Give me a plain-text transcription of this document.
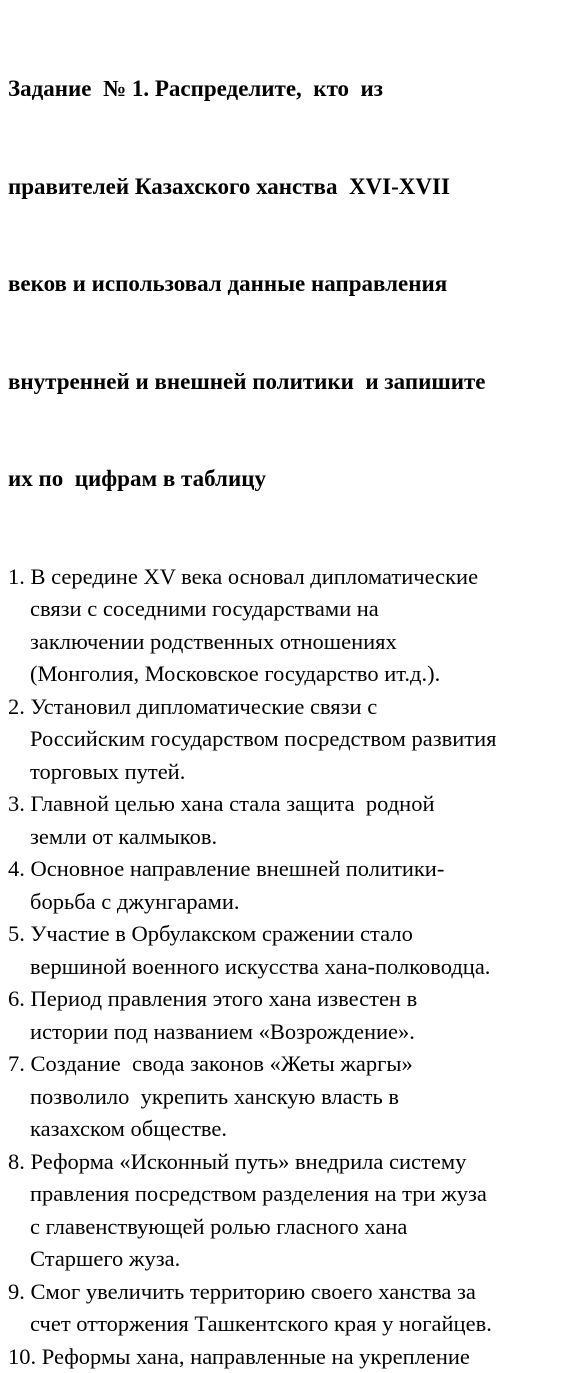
Задание  № 1. Распределите,  кто  из

правителей Казахского ханства  XVI-XVII

веков и использовал данные направления

внутренней и внешней политики  и запишите

их по  цифрам в таблицу

1. В середине XV века основал дипломатические
связи с соседними государствами на
заключении родственных отношениях
(Монголия, Московское государство ит.д.).
2. Установил дипломатические связи с
Российским государством посредством развития
торговых путей.
3. Главной целью хана стала защита  родной
земли от калмыков.
4. Основное направление внешней политики-
борьба с джунгарами.
5. Участие в Орбулакском сражении стало
вершиной военного искусства хана-полководца.
6. Период правления этого хана известен в
истории под названием «Возрождение».
7. Создание  свода законов «Жеты жаргы»
позволило  укрепить ханскую власть в
казахском обществе.
8. Реформа «Исконный путь» внедрила систему
правления посредством разделения на три жуза
с главенствующей ролью гласного хана
Старшего жуза.
9. Смог увеличить территорию своего ханства за
счет отторжения Ташкентского края у ногайцев.
10. Реформы хана, направленные на укрепление
